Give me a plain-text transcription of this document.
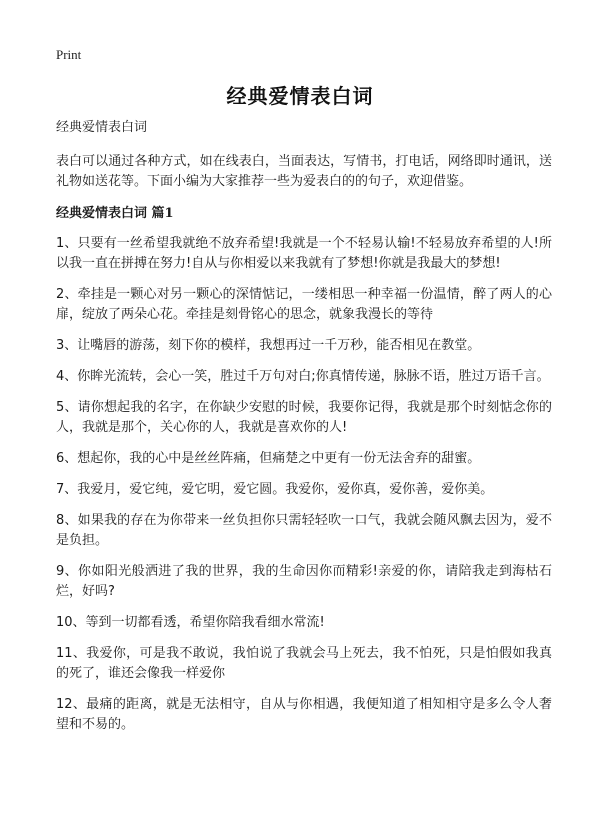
Print
经典爱情表白词

经典爱情表白词

表白可以通过各种方式，如在线表白，当面表达，写情书，打电话，网络即时通讯，送礼物如送花等。下面小编为大家推荐一些为爱表白的的句子，欢迎借鉴。

经典爱情表白词 篇1

1、只要有一丝希望我就绝不放弃希望!我就是一个不轻易认输!不轻易放弃希望的人!所以我一直在拼搏在努力!自从与你相爱以来我就有了梦想!你就是我最大的梦想!

2、牵挂是一颗心对另一颗心的深情惦记，一缕相思一种幸福一份温情，醉了两人的心扉，绽放了两朵心花。牵挂是刻骨铭心的思念，就象我漫长的等待

3、让嘴唇的游荡，刻下你的模样，我想再过一千万秒，能否相见在教堂。

4、你眸光流转，会心一笑，胜过千万句对白;你真情传递，脉脉不语，胜过万语千言。

5、请你想起我的名字，在你缺少安慰的时候，我要你记得，我就是那个时刻惦念你的人，我就是那个，关心你的人，我就是喜欢你的人!

6、想起你，我的心中是丝丝阵痛，但痛楚之中更有一份无法舍弃的甜蜜。

7、我爱月，爱它纯，爱它明，爱它圆。我爱你，爱你真，爱你善，爱你美。

8、如果我的存在为你带来一丝负担你只需轻轻吹一口气，我就会随风飘去因为，爱不是负担。

9、你如阳光般洒进了我的世界，我的生命因你而精彩!亲爱的你，请陪我走到海枯石烂，好吗?

10、等到一切都看透，希望你陪我看细水常流!

11、我爱你，可是我不敢说，我怕说了我就会马上死去，我不怕死，只是怕假如我真的死了，谁还会像我一样爱你

12、最痛的距离，就是无法相守，自从与你相遇，我便知道了相知相守是多么令人奢望和不易的。
